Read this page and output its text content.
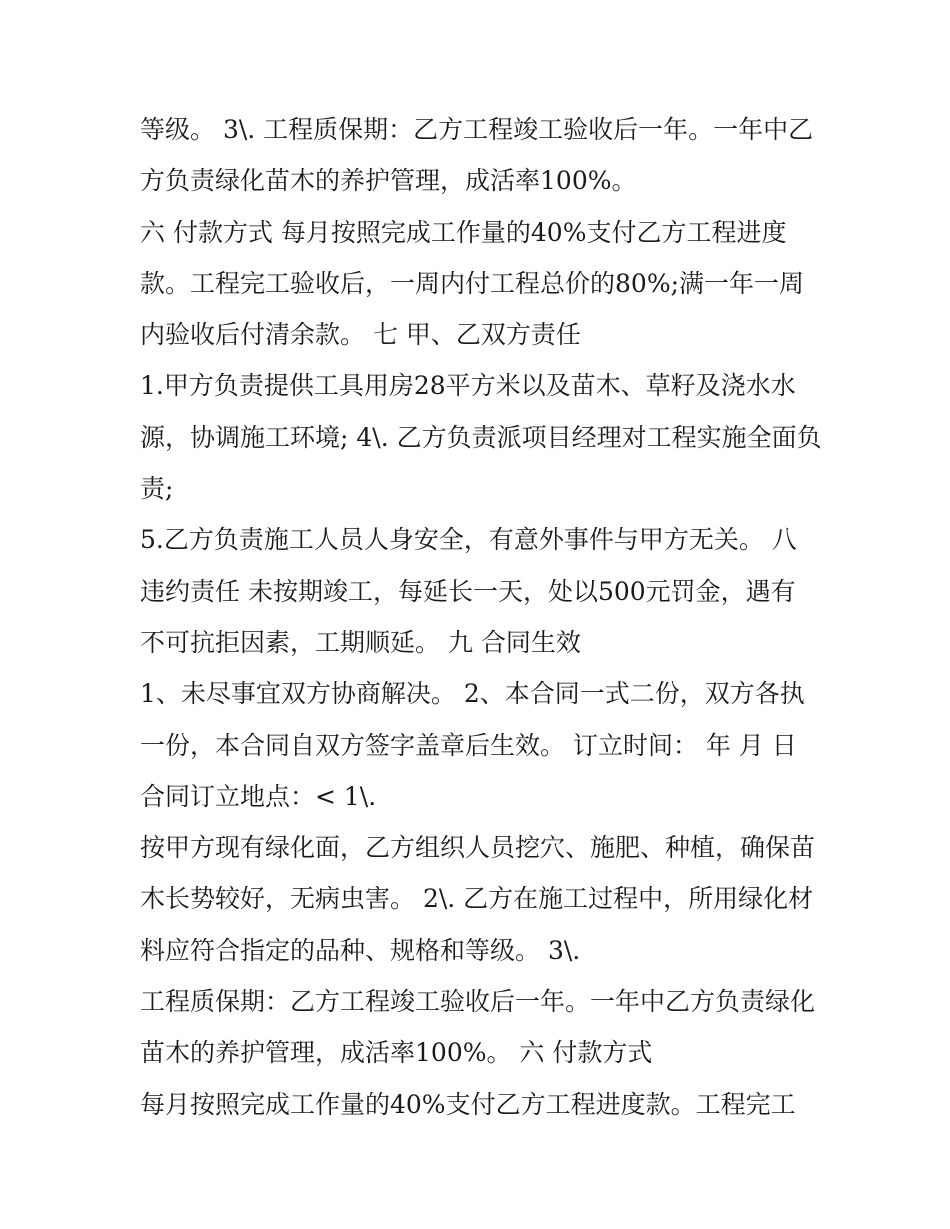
等级。 3\. 工程质保期：乙方工程竣工验收后一年。一年中乙
方负责绿化苗木的养护管理，成活率100%。
六 付款方式 每月按照完成工作量的40%支付乙方工程进度
款。工程完工验收后，一周内付工程总价的80%;满一年一周
内验收后付清余款。 七 甲、乙双方责任
1.甲方负责提供工具用房28平方米以及苗木、草籽及浇水水
源，协调施工环境; 4\. 乙方负责派项目经理对工程实施全面负
责;
5.乙方负责施工人员人身安全，有意外事件与甲方无关。 八
违约责任 未按期竣工，每延长一天，处以500元罚金，遇有
不可抗拒因素，工期顺延。 九 合同生效
1、未尽事宜双方协商解决。 2、本合同一式二份，双方各执
一份，本合同自双方签字盖章后生效。 订立时间： 年 月 日
合同订立地点：< 1\.
按甲方现有绿化面，乙方组织人员挖穴、施肥、种植，确保苗
木长势较好，无病虫害。 2\. 乙方在施工过程中，所用绿化材
料应符合指定的品种、规格和等级。 3\.
工程质保期：乙方工程竣工验收后一年。一年中乙方负责绿化
苗木的养护管理，成活率100%。 六 付款方式
每月按照完成工作量的40%支付乙方工程进度款。工程完工
